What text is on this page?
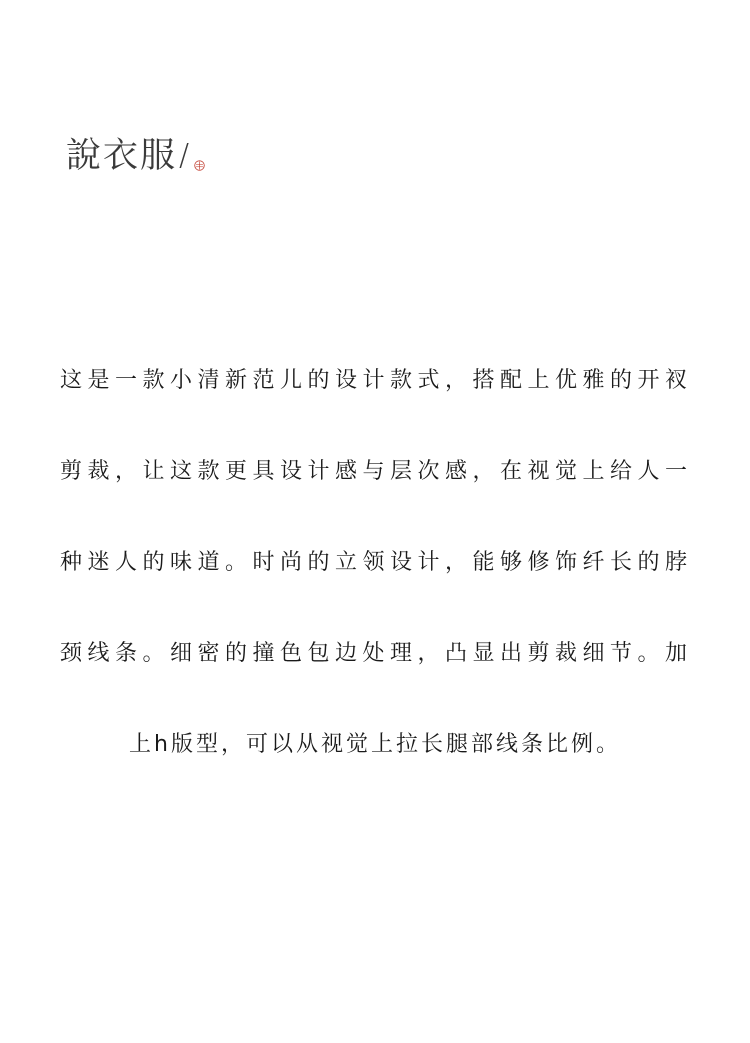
說衣服 /
这是一款小清新范儿的设计款式，搭配上优雅的开衩
剪裁，让这款更具设计感与层次感，在视觉上给人一
种迷人的味道。时尚的立领设计，能够修饰纤长的脖
颈线条。细密的撞色包边处理，凸显出剪裁细节。加
上h版型，可以从视觉上拉长腿部线条比例。
